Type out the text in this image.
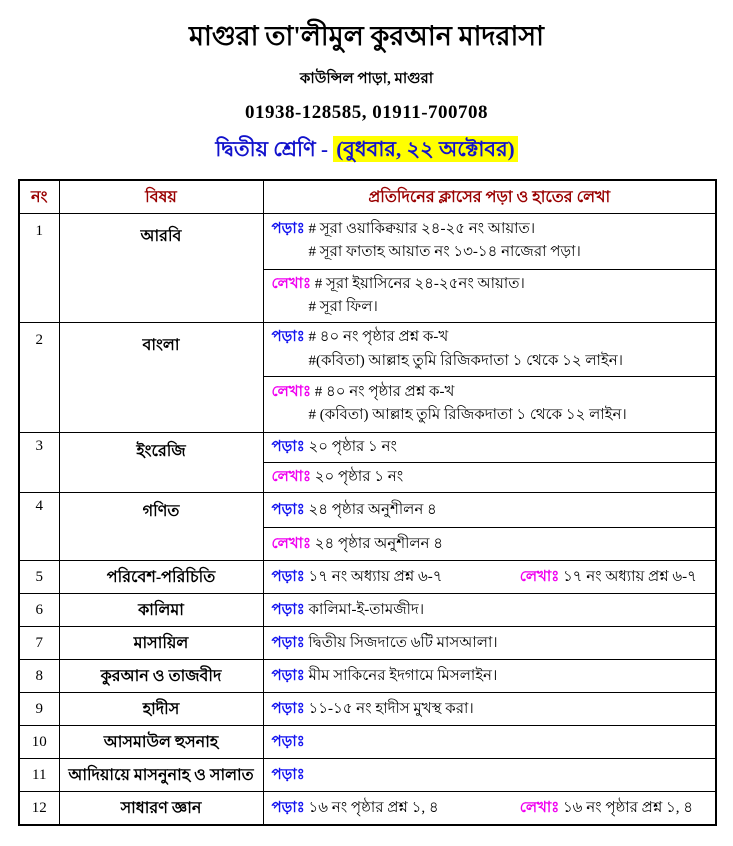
মাগুরা তা'লীমুল কুরআন মাদরাসা
কাউন্সিল পাড়া, মাগুরা
01938-128585, 01911-700708
দ্বিতীয় শ্রেণি - (বুধবার, ২২ অক্টোবর)
নং	বিষয়	প্রতিদিনের ক্লাসের পড়া ও হাতের লেখা
1	আরবি	পড়াঃ # সূরা ওয়াকিক্বয়ার ২৪-২৫ নং আয়াত।
# সূরা ফাতাহ আয়াত নং ১৩-১৪ নাজেরা পড়া।

		লেখাঃ # সূরা ইয়াসিনের ২৪-২৫নং আয়াত।
# সূরা ফিল।

2	বাংলা	পড়াঃ # ৪০ নং পৃষ্ঠার প্রশ্ন ক-খ
#(কবিতা) আল্লাহ তুমি রিজিকদাতা ১ থেকে ১২ লাইন।

		লেখাঃ # ৪০ নং পৃষ্ঠার প্রশ্ন ক-খ
# (কবিতা) আল্লাহ তুমি রিজিকদাতা ১ থেকে ১২ লাইন।

3	ইংরেজি	পড়াঃ ২০ পৃষ্ঠার ১ নং
		লেখাঃ ২০ পৃষ্ঠার ১ নং
4	গণিত	পড়াঃ ২৪ পৃষ্ঠার অনুশীলন ৪
		লেখাঃ ২৪ পৃষ্ঠার অনুশীলন ৪
5	পরিবেশ-পরিচিতি	পড়াঃ ১৭ নং অধ্যায় প্রশ্ন ৬-৭ লেখাঃ ১৭ নং অধ্যায় প্রশ্ন ৬-৭

6	কালিমা	পড়াঃ কালিমা-ই-তামজীদ।
7	মাসায়িল	পড়াঃ দ্বিতীয় সিজদাতে ৬টি মাসআলা।
8	কুরআন ও তাজবীদ	পড়াঃ মীম সাকিনের ইদগামে মিসলাইন।
9	হাদীস	পড়াঃ ১১-১৫ নং হাদীস মুখস্থ করা।
10	আসমাউল হুসনাহ	পড়াঃ
11	আদিয়ায়ে মাসনুনাহ ও সালাত	পড়াঃ
12	সাধারণ জ্ঞান	পড়াঃ ১৬ নং পৃষ্ঠার প্রশ্ন ১, ৪ লেখাঃ ১৬ নং পৃষ্ঠার প্রশ্ন ১, ৪
